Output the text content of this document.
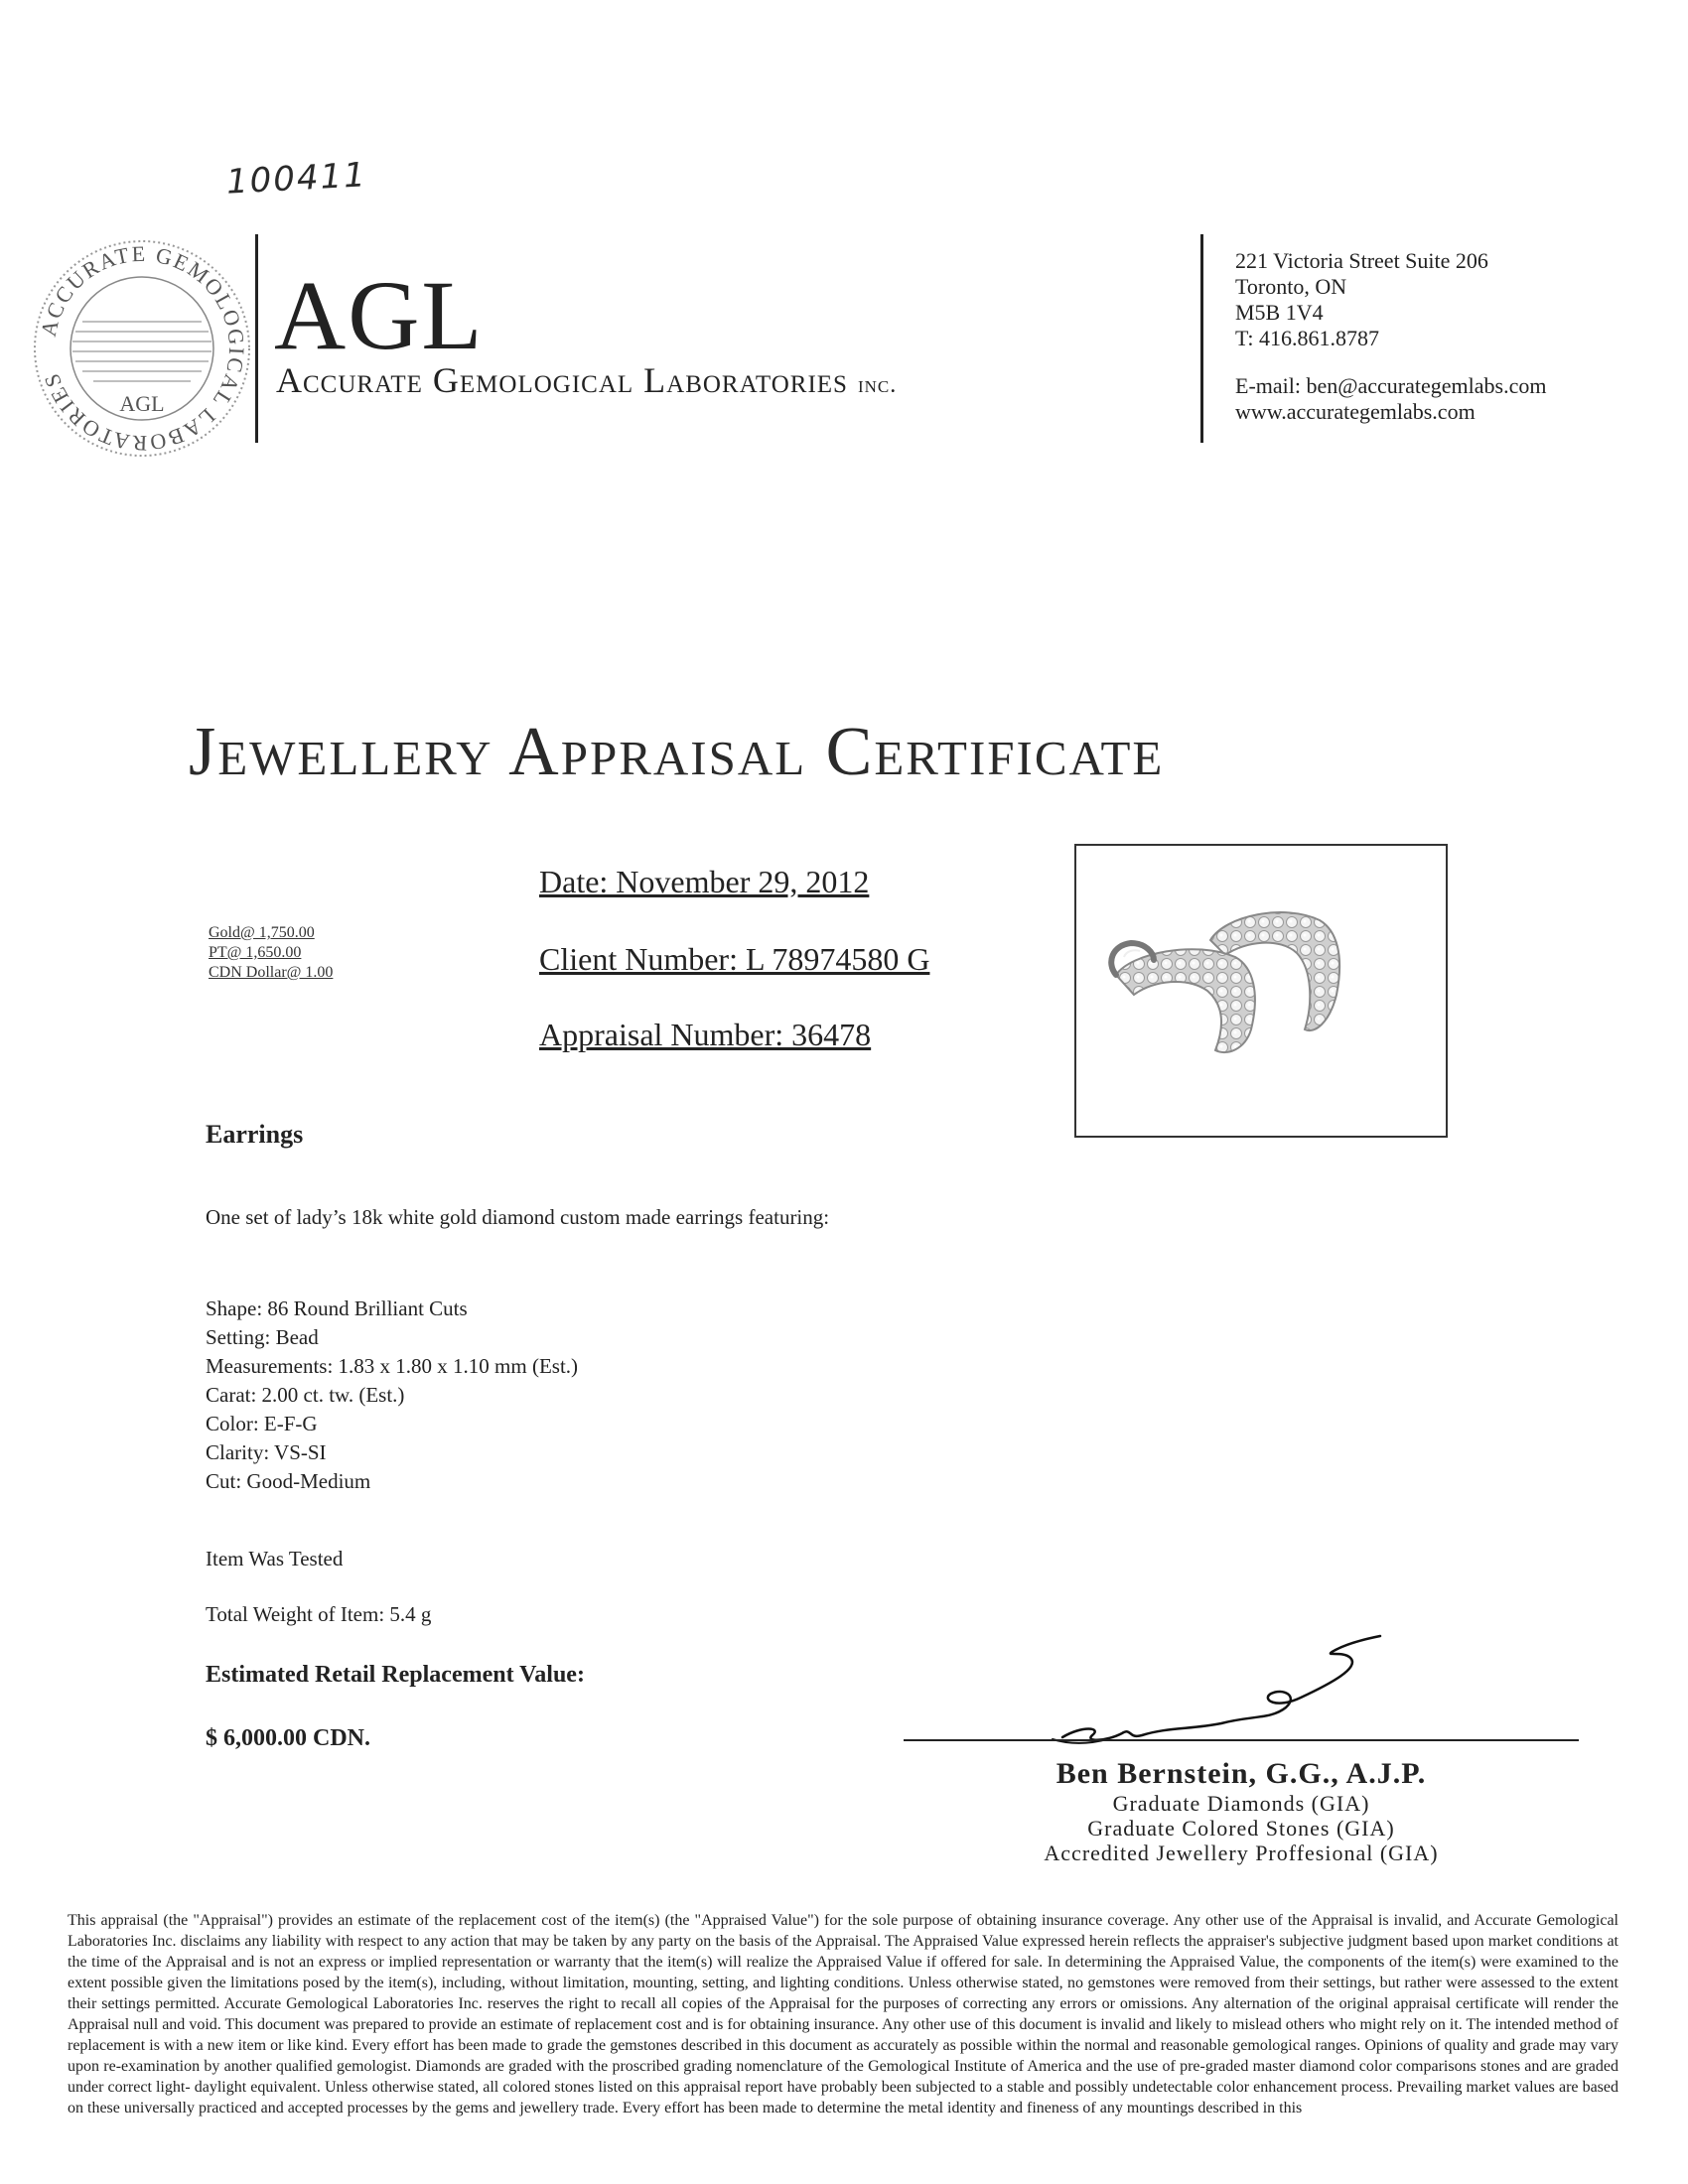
100411
ACCURATE GEMOLOGICAL LABORATORIES
AGL
AGL
Accurate Gemological Laboratories inc.
221 Victoria Street Suite 206
Toronto, ON
M5B 1V4
T: 416.861.8787
E-mail: ben@accurategemlabs.com
www.accurategemlabs.com
Jewellery Appraisal Certificate
Gold@ 1,750.00
PT@ 1,650.00
CDN Dollar@ 1.00
Date: November 29, 2012
Client Number: L 78974580 G
Appraisal Number: 36478
Earrings
One set of lady’s 18k white gold diamond custom made earrings featuring:
Shape: 86 Round Brilliant Cuts
Setting: Bead
Measurements: 1.83 x 1.80 x 1.10 mm (Est.)
Carat: 2.00 ct. tw. (Est.)
Color: E-F-G
Clarity: VS-SI
Cut: Good-Medium
Item Was Tested
Total Weight of Item: 5.4 g
Estimated Retail Replacement Value:
$ 6,000.00 CDN.
Ben Bernstein, G.G., A.J.P.
Graduate Diamonds (GIA)
Graduate Colored Stones (GIA)
Accredited Jewellery Proffesional (GIA)
This appraisal (the "Appraisal") provides an estimate of the replacement cost of the item(s) (the "Appraised Value") for the sole purpose of obtaining insurance coverage. Any other use of the Appraisal is invalid, and Accurate Gemological Laboratories Inc. disclaims any liability with respect to any action that may be taken by any party on the basis of the Appraisal. The Appraised Value expressed herein reflects the appraiser's subjective judgment based upon market conditions at the time of the Appraisal and is not an express or implied representation or warranty that the item(s) will realize the Appraised Value if offered for sale. In determining the Appraised Value, the components of the item(s) were examined to the extent possible given the limitations posed by the item(s), including, without limitation, mounting, setting, and lighting conditions. Unless otherwise stated, no gemstones were removed from their settings, but rather were assessed to the extent their settings permitted. Accurate Gemological Laboratories Inc. reserves the right to recall all copies of the Appraisal for the purposes of correcting any errors or omissions. Any alternation of the original appraisal certificate will render the Appraisal null and void. This document was prepared to provide an estimate of replacement cost and is for obtaining insurance. Any other use of this document is invalid and likely to mislead others who might rely on it. The intended method of replacement is with a new item or like kind. Every effort has been made to grade the gemstones described in this document as accurately as possible within the normal and reasonable gemological ranges. Opinions of quality and grade may vary upon re-examination by another qualified gemologist. Diamonds are graded with the proscribed grading nomenclature of the Gemological Institute of America and the use of pre-graded master diamond color comparisons stones and are graded under correct light- daylight equivalent. Unless otherwise stated, all colored stones listed on this appraisal report have probably been subjected to a stable and possibly undetectable color enhancement process. Prevailing market values are based on these universally practiced and accepted processes by the gems and jewellery trade. Every effort has been made to determine the metal identity and fineness of any mountings described in this
